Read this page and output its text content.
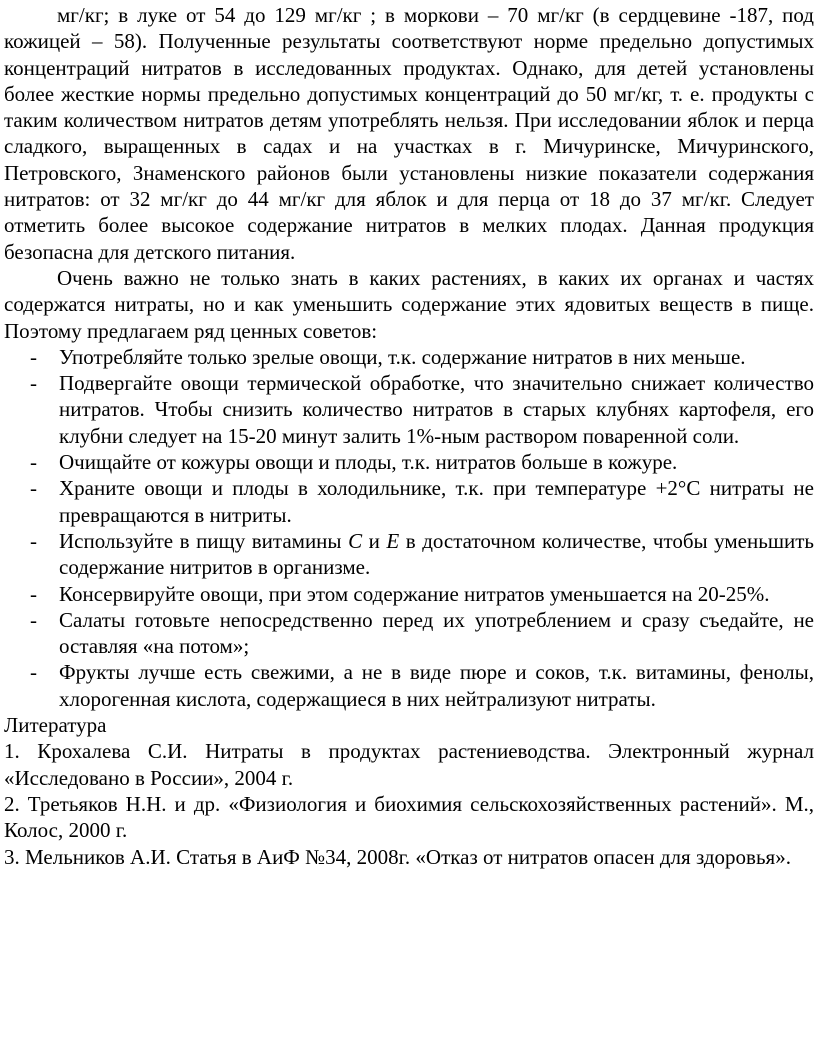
мг/кг; в луке от 54 до 129 мг/кг ; в моркови – 70 мг/кг (в сердцевине -187, под кожицей – 58). Полученные результаты соответствуют норме предельно допустимых концентраций нитратов в исследованных продуктах. Однако, для детей установлены более жесткие нормы предельно допустимых концентраций до 50 мг/кг, т. е. продукты с таким количеством нитратов детям употреблять нельзя. При исследовании яблок и перца сладкого, выращенных в садах и на участках в г. Мичуринске, Мичуринского, Петровского, Знаменского районов были установлены низкие показатели содержания нитратов: от 32 мг/кг до 44 мг/кг для яблок и для перца от 18 до 37 мг/кг. Следует отметить более высокое содержание нитратов в мелких плодах. Данная продукция безопасна для детского питания.

Очень важно не только знать в каких растениях, в каких их органах и частях содержатся нитраты, но и как уменьшить содержание этих ядовитых веществ в пище. Поэтому предлагаем ряд ценных советов:

- Употребляйте только зрелые овощи, т.к. содержание нитратов в них меньше.
- Подвергайте овощи термической обработке, что значительно снижает количество нитратов. Чтобы снизить количество нитратов в старых клубнях картофеля, его клубни следует на 15-20 минут залить 1%-ным раствором поваренной соли.
- Очищайте от кожуры овощи и плоды, т.к. нитратов больше в кожуре.
- Храните овощи и плоды в холодильнике, т.к. при температуре +2°С нитраты не превращаются в нитриты.
- Используйте в пищу витамины С и Е в достаточном количестве, чтобы уменьшить содержание нитритов в организме.
- Консервируйте овощи, при этом содержание нитратов уменьшается на 20-25%.
- Салаты готовьте непосредственно перед их употреблением и сразу съедайте, не оставляя «на потом»;
- Фрукты лучше есть свежими, а не в виде пюре и соков, т.к. витамины, фенолы, хлорогенная кислота, содержащиеся в них нейтрализуют нитраты.

Литература

1. Крохалева С.И. Нитраты в продуктах растениеводства. Электронный журнал «Исследовано в России», 2004 г.
2. Третьяков Н.Н. и др. «Физиология и биохимия сельскохозяйственных растений». М., Колос, 2000 г.
3. Мельников А.И. Статья в АиФ №34, 2008г. «Отказ от нитратов опасен для здоровья».
